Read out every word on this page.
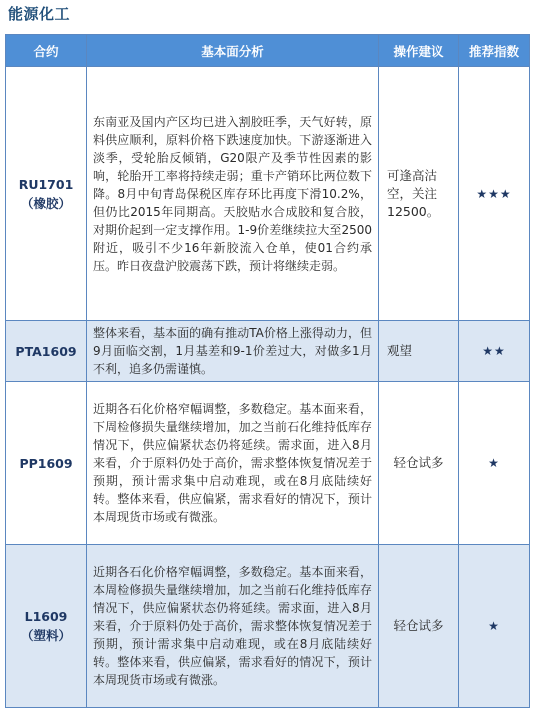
能源化工
合约	基本面分析	操作建议	推荐指数

RU1701
（橡胶）	东南亚及国内产区均已进入割胶旺季，天气好转，原料供应顺利，原料价格下跌速度加快。下游逐渐进入淡季，受轮胎反倾销，G20限产及季节性因素的影响，轮胎开工率将持续走弱；重卡产销环比两位数下降。8月中旬青岛保税区库存环比再度下滑10.2%，但仍比2015年同期高。天胶贴水合成胶和复合胶，对期价起到一定支撑作用。1-9价差继续拉大至2500附近，吸引不少16年新胶流入仓单，使01合约承压。昨日夜盘沪胶震荡下跌，预计将继续走弱。	可逢高沽空，关注12500。	★★★

PTA1609	整体来看，基本面的确有推动TA价格上涨得动力，但9月面临交割，1月基差和9-1价差过大，对做多1月不利，追多仍需谨慎。	观望	★★

PP1609	近期各石化价格窄幅调整，多数稳定。基本面来看，下周检修损失量继续增加，加之当前石化维持低库存情况下，供应偏紧状态仍将延续。需求面，进入8月来看，介于原料仍处于高价，需求整体恢复情况差于预期，预计需求集中启动难现，或在8月底陆续好转。整体来看，供应偏紧，需求看好的情况下，预计本周现货市场或有微涨。	轻仓试多	★

L1609
（塑料）	近期各石化价格窄幅调整，多数稳定。基本面来看，本周检修损失量继续增加，加之当前石化维持低库存情况下，供应偏紧状态仍将延续。需求面，进入8月来看，介于原料仍处于高价，需求整体恢复情况差于预期，预计需求集中启动难现，或在8月底陆续好转。整体来看，供应偏紧，需求看好的情况下，预计本周现货市场或有微涨。	轻仓试多	★
